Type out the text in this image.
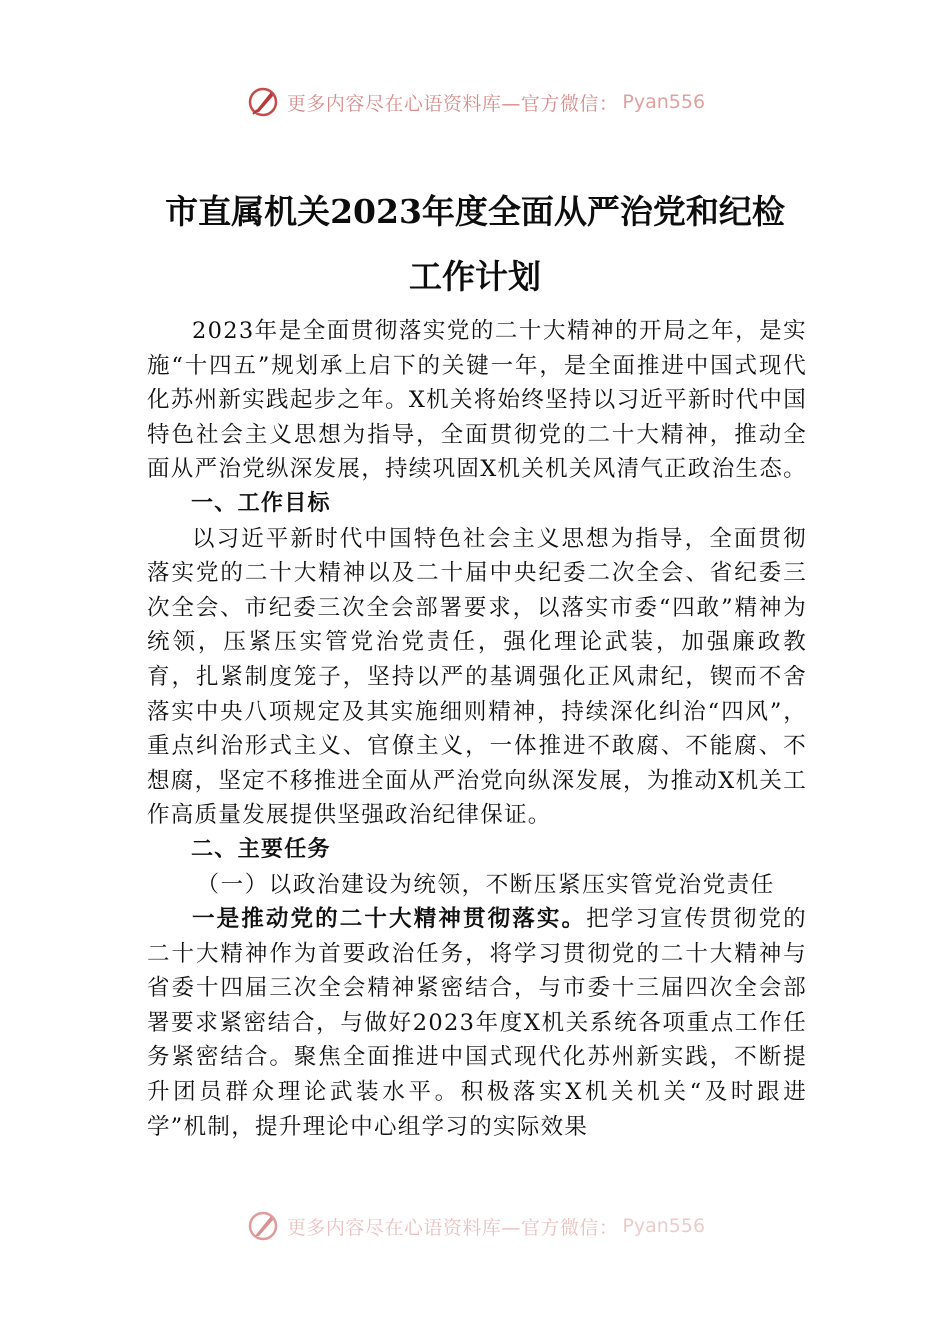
更多内容尽在心语资料库—官方微信： Pyan556
市直属机关2023年度全面从严治党和纪检
工作计划

2023年是全面贯彻落实党的二十大精神的开局之年，是实施“十四五”规划承上启下的关键一年，是全面推进中国式现代化苏州新实践起步之年。X机关将始终坚持以习近平新时代中国特色社会主义思想为指导，全面贯彻党的二十大精神，推动全面从严治党纵深发展，持续巩固X机关机关风清气正政治生态。

一、工作目标

以习近平新时代中国特色社会主义思想为指导，全面贯彻落实党的二十大精神以及二十届中央纪委二次全会、省纪委三次全会、市纪委三次全会部署要求，以落实市委“四敢”精神为统领，压紧压实管党治党责任，强化理论武装，加强廉政教育，扎紧制度笼子，坚持以严的基调强化正风肃纪，锲而不舍落实中央八项规定及其实施细则精神，持续深化纠治“四风”，重点纠治形式主义、官僚主义，一体推进不敢腐、不能腐、不想腐，坚定不移推进全面从严治党向纵深发展，为推动X机关工作高质量发展提供坚强政治纪律保证。

二、主要任务

（一）以政治建设为统领，不断压紧压实管党治党责任

一是推动党的二十大精神贯彻落实。把学习宣传贯彻党的二十大精神作为首要政治任务，将学习贯彻党的二十大精神与省委十四届三次全会精神紧密结合，与市委十三届四次全会部署要求紧密结合，与做好2023年度X机关系统各项重点工作任务紧密结合。聚焦全面推进中国式现代化苏州新实践，不断提升团员群众理论武装水平。积极落实X机关机关“及时跟进学”机制，提升理论中心组学习的实际效果

更多内容尽在心语资料库—官方微信： Pyan556
